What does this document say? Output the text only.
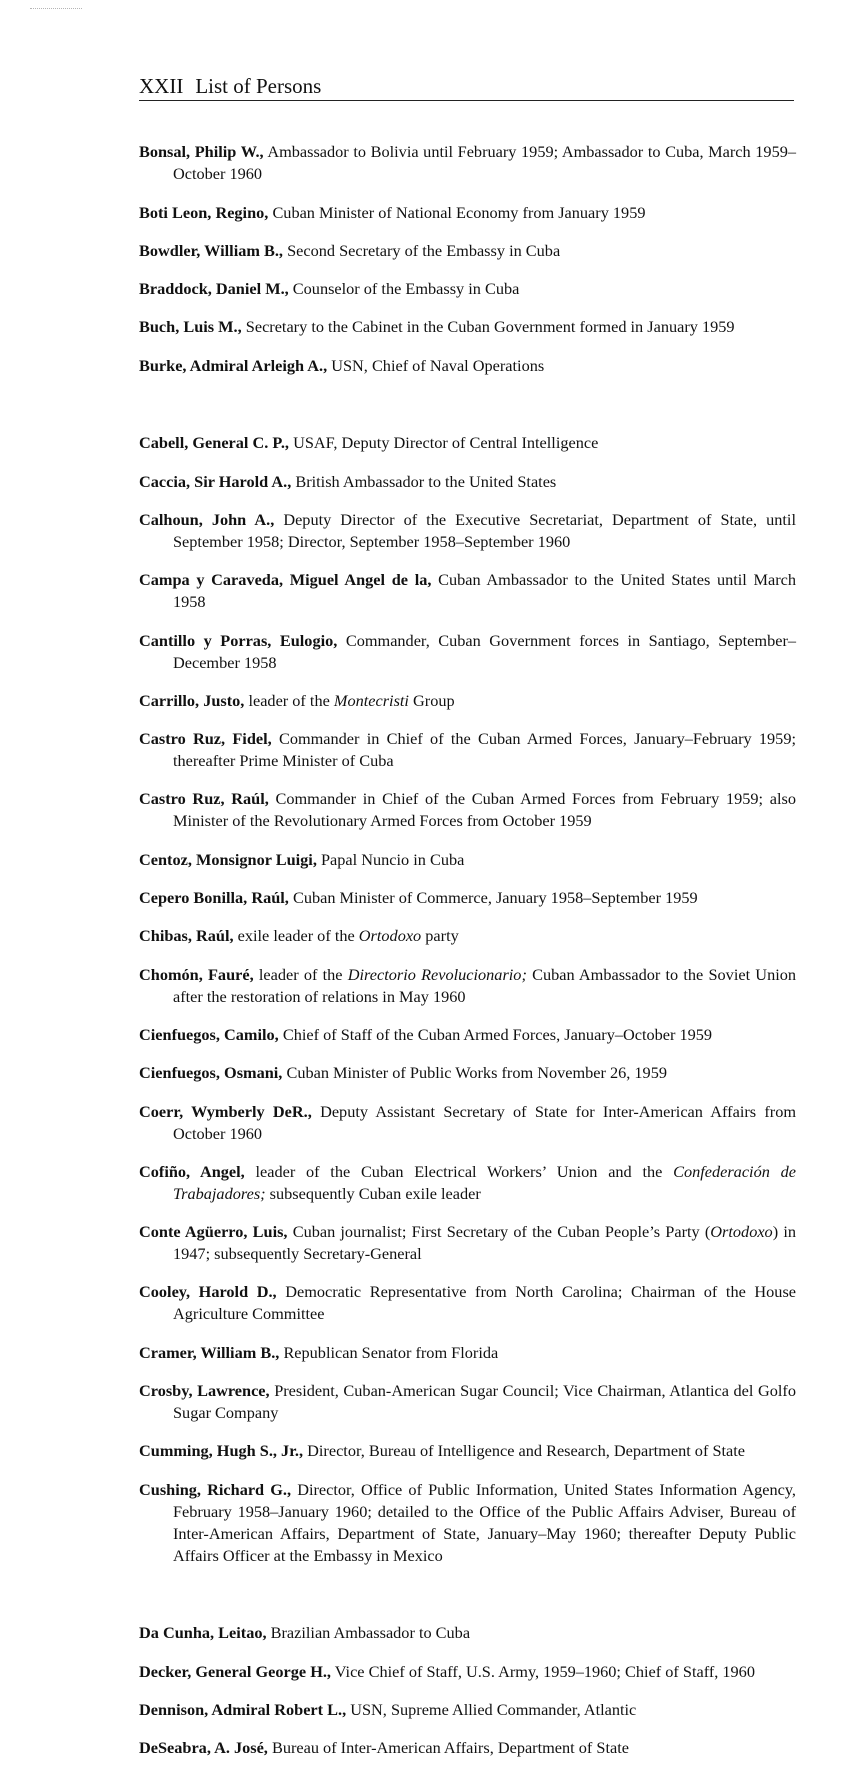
XXII List of Persons

Bonsal, Philip W., Ambassador to Bolivia until February 1959; Ambassador to Cuba, March 1959–October 1960

Boti Leon, Regino, Cuban Minister of National Economy from January 1959

Bowdler, William B., Second Secretary of the Embassy in Cuba

Braddock, Daniel M., Counselor of the Embassy in Cuba

Buch, Luis M., Secretary to the Cabinet in the Cuban Government formed in January 1959

Burke, Admiral Arleigh A., USN, Chief of Naval Operations

Cabell, General C. P., USAF, Deputy Director of Central Intelligence

Caccia, Sir Harold A., British Ambassador to the United States

Calhoun, John A., Deputy Director of the Executive Secretariat, Department of State, until September 1958; Director, September 1958–September 1960

Campa y Caraveda, Miguel Angel de la, Cuban Ambassador to the United States until March 1958

Cantillo y Porras, Eulogio, Commander, Cuban Government forces in Santiago, September–December 1958

Carrillo, Justo, leader of the Montecristi Group

Castro Ruz, Fidel, Commander in Chief of the Cuban Armed Forces, January–February 1959; thereafter Prime Minister of Cuba

Castro Ruz, Raúl, Commander in Chief of the Cuban Armed Forces from February 1959; also Minister of the Revolutionary Armed Forces from October 1959

Centoz, Monsignor Luigi, Papal Nuncio in Cuba

Cepero Bonilla, Raúl, Cuban Minister of Commerce, January 1958–September 1959

Chibas, Raúl, exile leader of the Ortodoxo party

Chomón, Fauré, leader of the Directorio Revolucionario; Cuban Ambassador to the Soviet Union after the restoration of relations in May 1960

Cienfuegos, Camilo, Chief of Staff of the Cuban Armed Forces, January–October 1959

Cienfuegos, Osmani, Cuban Minister of Public Works from November 26, 1959

Coerr, Wymberly DeR., Deputy Assistant Secretary of State for Inter-American Affairs from October 1960

Cofiño, Angel, leader of the Cuban Electrical Workers’ Union and the Confederación de Trabajadores; subsequently Cuban exile leader

Conte Agüerro, Luis, Cuban journalist; First Secretary of the Cuban People’s Party (Ortodoxo) in 1947; subsequently Secretary-General

Cooley, Harold D., Democratic Representative from North Carolina; Chairman of the House Agriculture Committee

Cramer, William B., Republican Senator from Florida

Crosby, Lawrence, President, Cuban-American Sugar Council; Vice Chairman, Atlantica del Golfo Sugar Company

Cumming, Hugh S., Jr., Director, Bureau of Intelligence and Research, Department of State

Cushing, Richard G., Director, Office of Public Information, United States Information Agency, February 1958–January 1960; detailed to the Office of the Public Affairs Adviser, Bureau of Inter-American Affairs, Department of State, January–May 1960; thereafter Deputy Public Affairs Officer at the Embassy in Mexico

Da Cunha, Leitao, Brazilian Ambassador to Cuba

Decker, General George H., Vice Chief of Staff, U.S. Army, 1959–1960; Chief of Staff, 1960

Dennison, Admiral Robert L., USN, Supreme Allied Commander, Atlantic

DeSeabra, A. José, Bureau of Inter-American Affairs, Department of State
